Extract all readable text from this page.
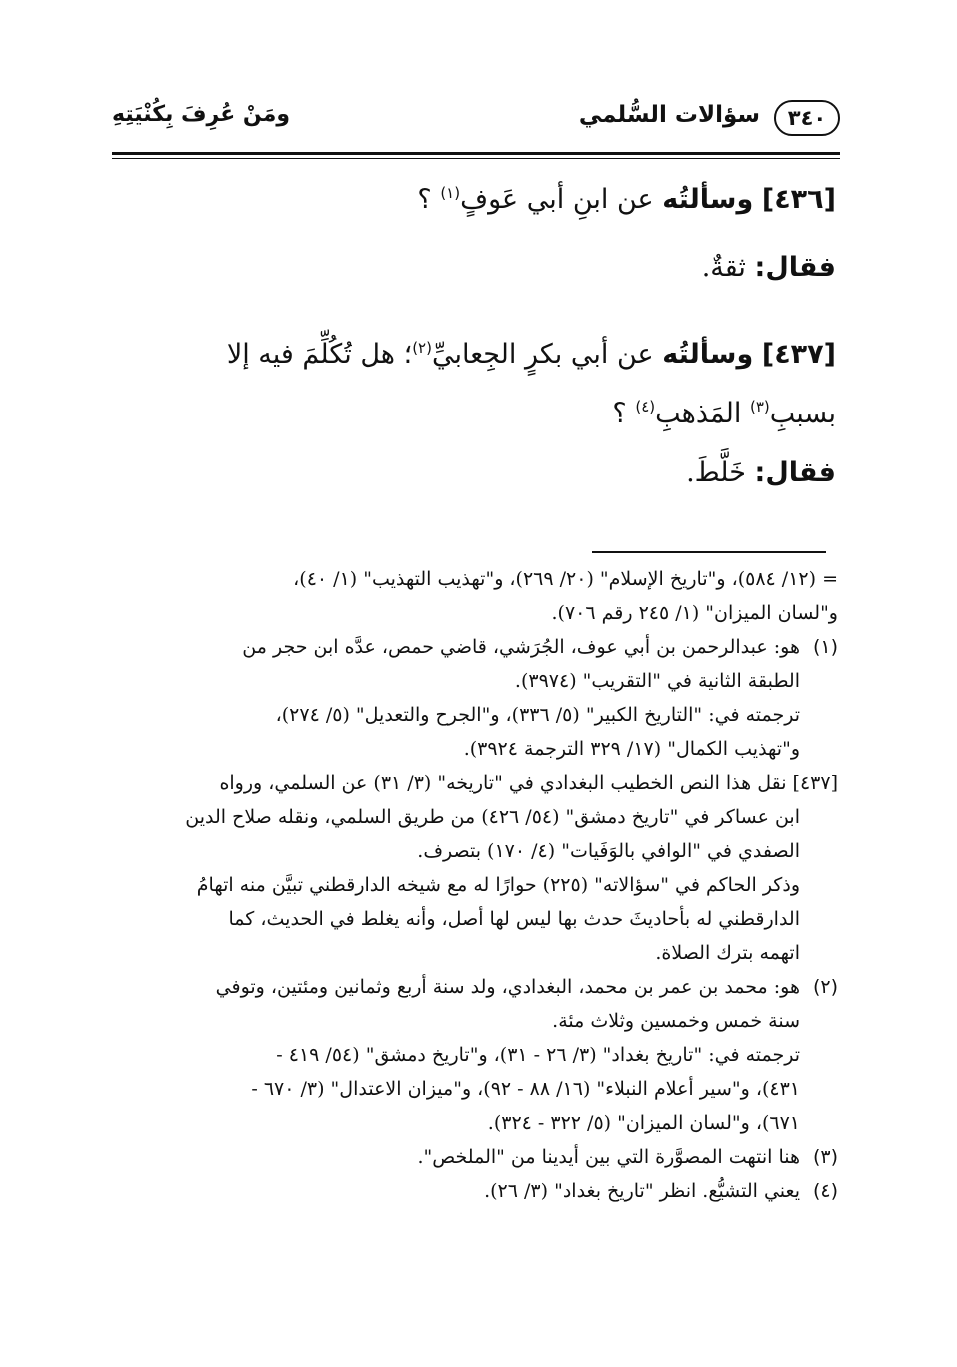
٣٤٠
سؤالات السُّلمي
ومَنْ عُرِفَ بِكُنْيَتِهِ

[٤٣٦] وسألتُه عن ابنِ أبي عَوفٍ$^{(١)}$ ؟

فقال: ثقةٌ.

[٤٣٧] وسألتُه عن أبي بكرٍ الجِعابيِّ$^{(٢)}$؛ هل تُكُلِّمَ فيه إلا

بسببِ$^{(٣)}$ المَذهبِ$^{(٤)}$ ؟

فقال: خَلَّطَ.

= (١٢/ ٥٨٤)، و"تاريخ الإسلام" (٢٠/ ٢٦٩)، و"تهذيب التهذيب" (١/ ٤٠)،
و"لسان الميزان" (١/ ٢٤٥ رقم ٧٠٦).

(١)هو: عبدالرحمن بن أبي عوف، الجُرَشي، قاضي حمص، عدَّه ابن حجر من
الطبقة الثانية في "التقريب" (٣٩٧٤).
ترجمته في: "التاريخ الكبير" (٥/ ٣٣٦)، و"الجرح والتعديل" (٥/ ٢٧٤)،
و"تهذيب الكمال" (١٧/ ٣٢٩ الترجمة ٣٩٢٤).

[٤٣٧] نقل هذا النص الخطيب البغدادي في "تاريخه" (٣/ ٣١) عن السلمي، ورواه
ابن عساكر في "تاريخ دمشق" (٥٤/ ٤٢٦) من طريق السلمي، ونقله صلاح الدين
الصفدي في "الوافي بالوَفَيات" (٤/ ١٧٠) بتصرف.
وذكر الحاكم في "سؤالاته" (٢٢٥) حوارًا له مع شيخه الدارقطني تبيَّن منه اتهامُ
الدارقطني له بأحاديثَ حدث بها ليس لها أصل، وأنه يغلط في الحديث، كما
اتهمه بترك الصلاة.

(٢)هو: محمد بن عمر بن محمد، البغدادي، ولد سنة أربع وثمانين ومئتين، وتوفي
سنة خمس وخمسين وثلاث مئة.
ترجمته في: "تاريخ بغداد" (٣/ ٢٦ - ٣١)، و"تاريخ دمشق" (٥٤/ ٤١٩ -
٤٣١)، و"سير أعلام النبلاء" (١٦/ ٨٨ - ٩٢)، و"ميزان الاعتدال" (٣/ ٦٧٠ -
٦٧١)، و"لسان الميزان" (٥/ ٣٢٢ - ٣٢٤).

(٣)هنا انتهت المصوَّرة التي بين أيدينا من "الملخص".

(٤)يعني التشيُّع. انظر "تاريخ بغداد" (٣/ ٢٦).
